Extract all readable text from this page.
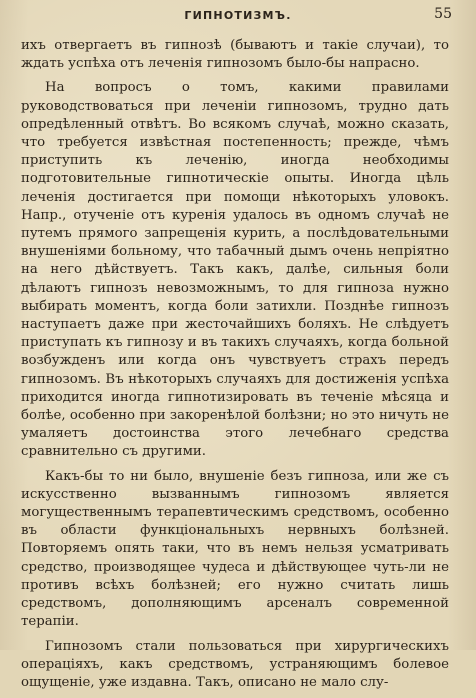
ГИПНОТИЗМЪ.	55

ихъ отвергаетъ въ гипнозѣ (бываютъ и такіе случаи), то ждать успѣха отъ леченія гипнозомъ было-бы напрасно.

На вопросъ о томъ, какими правилами руководствоваться при леченіи гипнозомъ, трудно дать опредѣленный отвѣтъ. Во всякомъ случаѣ, можно сказать, что требуется извѣстная постепенность; прежде, чѣмъ приступить къ леченію, иногда необходимы подготовительные гипнотическіе опыты. Иногда цѣль леченія достигается при помощи нѣкоторыхъ уловокъ. Напр., отученіе отъ куренія удалось въ одномъ случаѣ не путемъ прямого запрещенія курить, а послѣдовательными внушеніями больному, что табачный дымъ очень непріятно на него дѣйствуетъ. Такъ какъ, далѣе, сильныя боли дѣлаютъ гипнозъ невозможнымъ, то для гипноза нужно выбирать моментъ, когда боли затихли. Позднѣе гипнозъ наступаетъ даже при жесточайшихъ боляхъ. Не слѣдуетъ приступать къ гипнозу и въ такихъ случаяхъ, когда больной возбужденъ или когда онъ чувствуетъ страхъ передъ гипнозомъ. Въ нѣкоторыхъ случаяхъ для достиженія успѣха приходится иногда гипнотизировать въ теченіе мѣсяца и болѣе, особенно при закоренѣлой болѣзни; но это ничуть не умаляетъ достоинства этого лечебнаго средства сравнительно съ другими.

Какъ-бы то ни было, внушеніе безъ гипноза, или же съ искусственно вызваннымъ гипнозомъ является могущественнымъ терапевтическимъ средствомъ, особенно въ области функціональныхъ нервныхъ болѣзней. Повторяемъ опять таки, что въ немъ нельзя усматривать средство, производящее чудеса и дѣйствующее чуть-ли не противъ всѣхъ болѣзней; его нужно считать лишь средствомъ, дополняющимъ арсеналъ современной терапіи.

Гипнозомъ стали пользоваться при хирургическихъ операціяхъ, какъ средствомъ, устраняющимъ болевое ощущеніе, уже издавна. Такъ, описано не мало слу-
